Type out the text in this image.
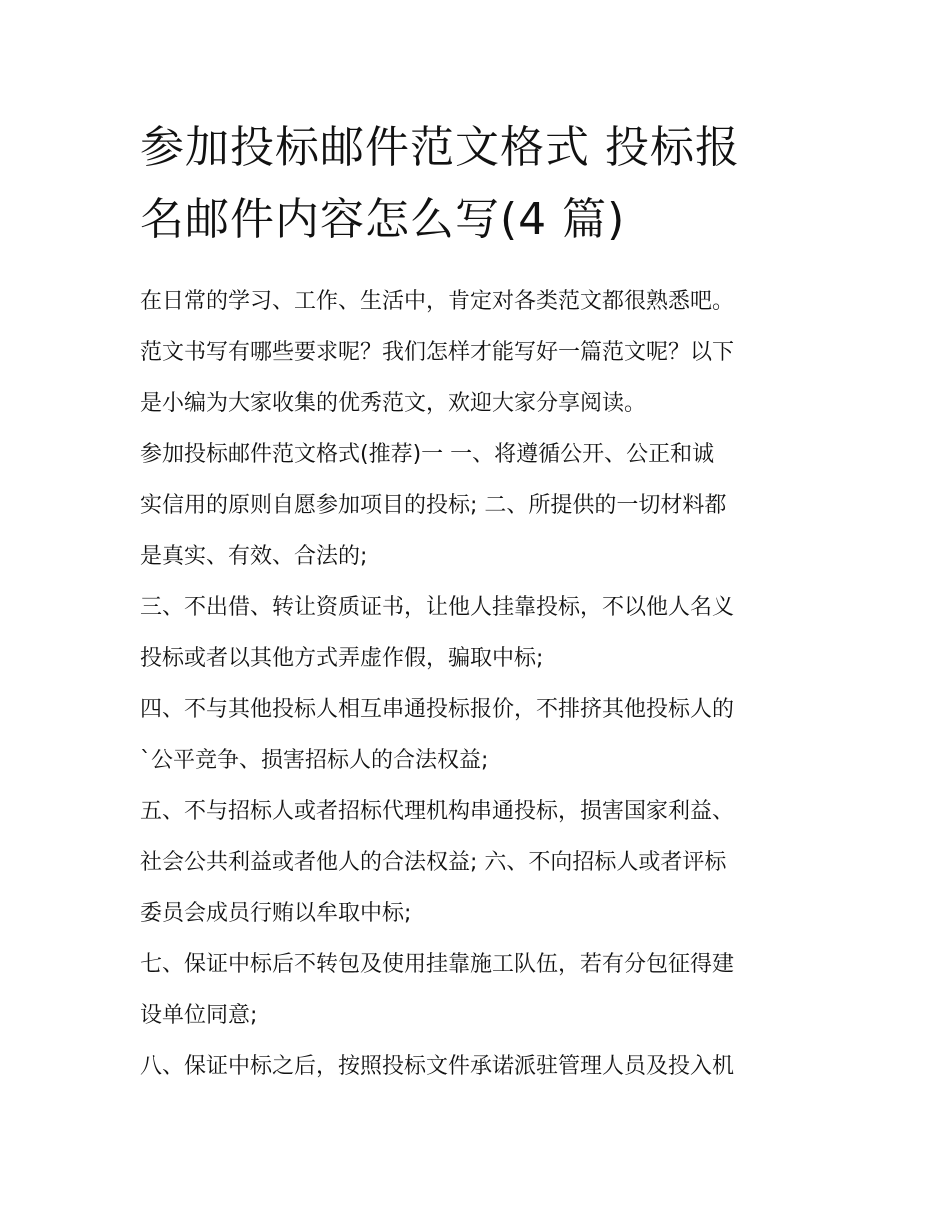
参加投标邮件范文格式 投标报
名邮件内容怎么写(4 篇)
在日常的学习、工作、生活中，肯定对各类范文都很熟悉吧。
范文书写有哪些要求呢？我们怎样才能写好一篇范文呢？以下
是小编为大家收集的优秀范文，欢迎大家分享阅读。
参加投标邮件范文格式(推荐)一 一、将遵循公开、公正和诚
实信用的原则自愿参加项目的投标; 二、所提供的一切材料都
是真实、有效、合法的;
三、不出借、转让资质证书，让他人挂靠投标，不以他人名义
投标或者以其他方式弄虚作假，骗取中标;
四、不与其他投标人相互串通投标报价，不排挤其他投标人的
`公平竞争、损害招标人的合法权益;
五、不与招标人或者招标代理机构串通投标，损害国家利益、
社会公共利益或者他人的合法权益; 六、不向招标人或者评标
委员会成员行贿以牟取中标;
七、保证中标后不转包及使用挂靠施工队伍，若有分包征得建
设单位同意;
八、保证中标之后，按照投标文件承诺派驻管理人员及投入机
